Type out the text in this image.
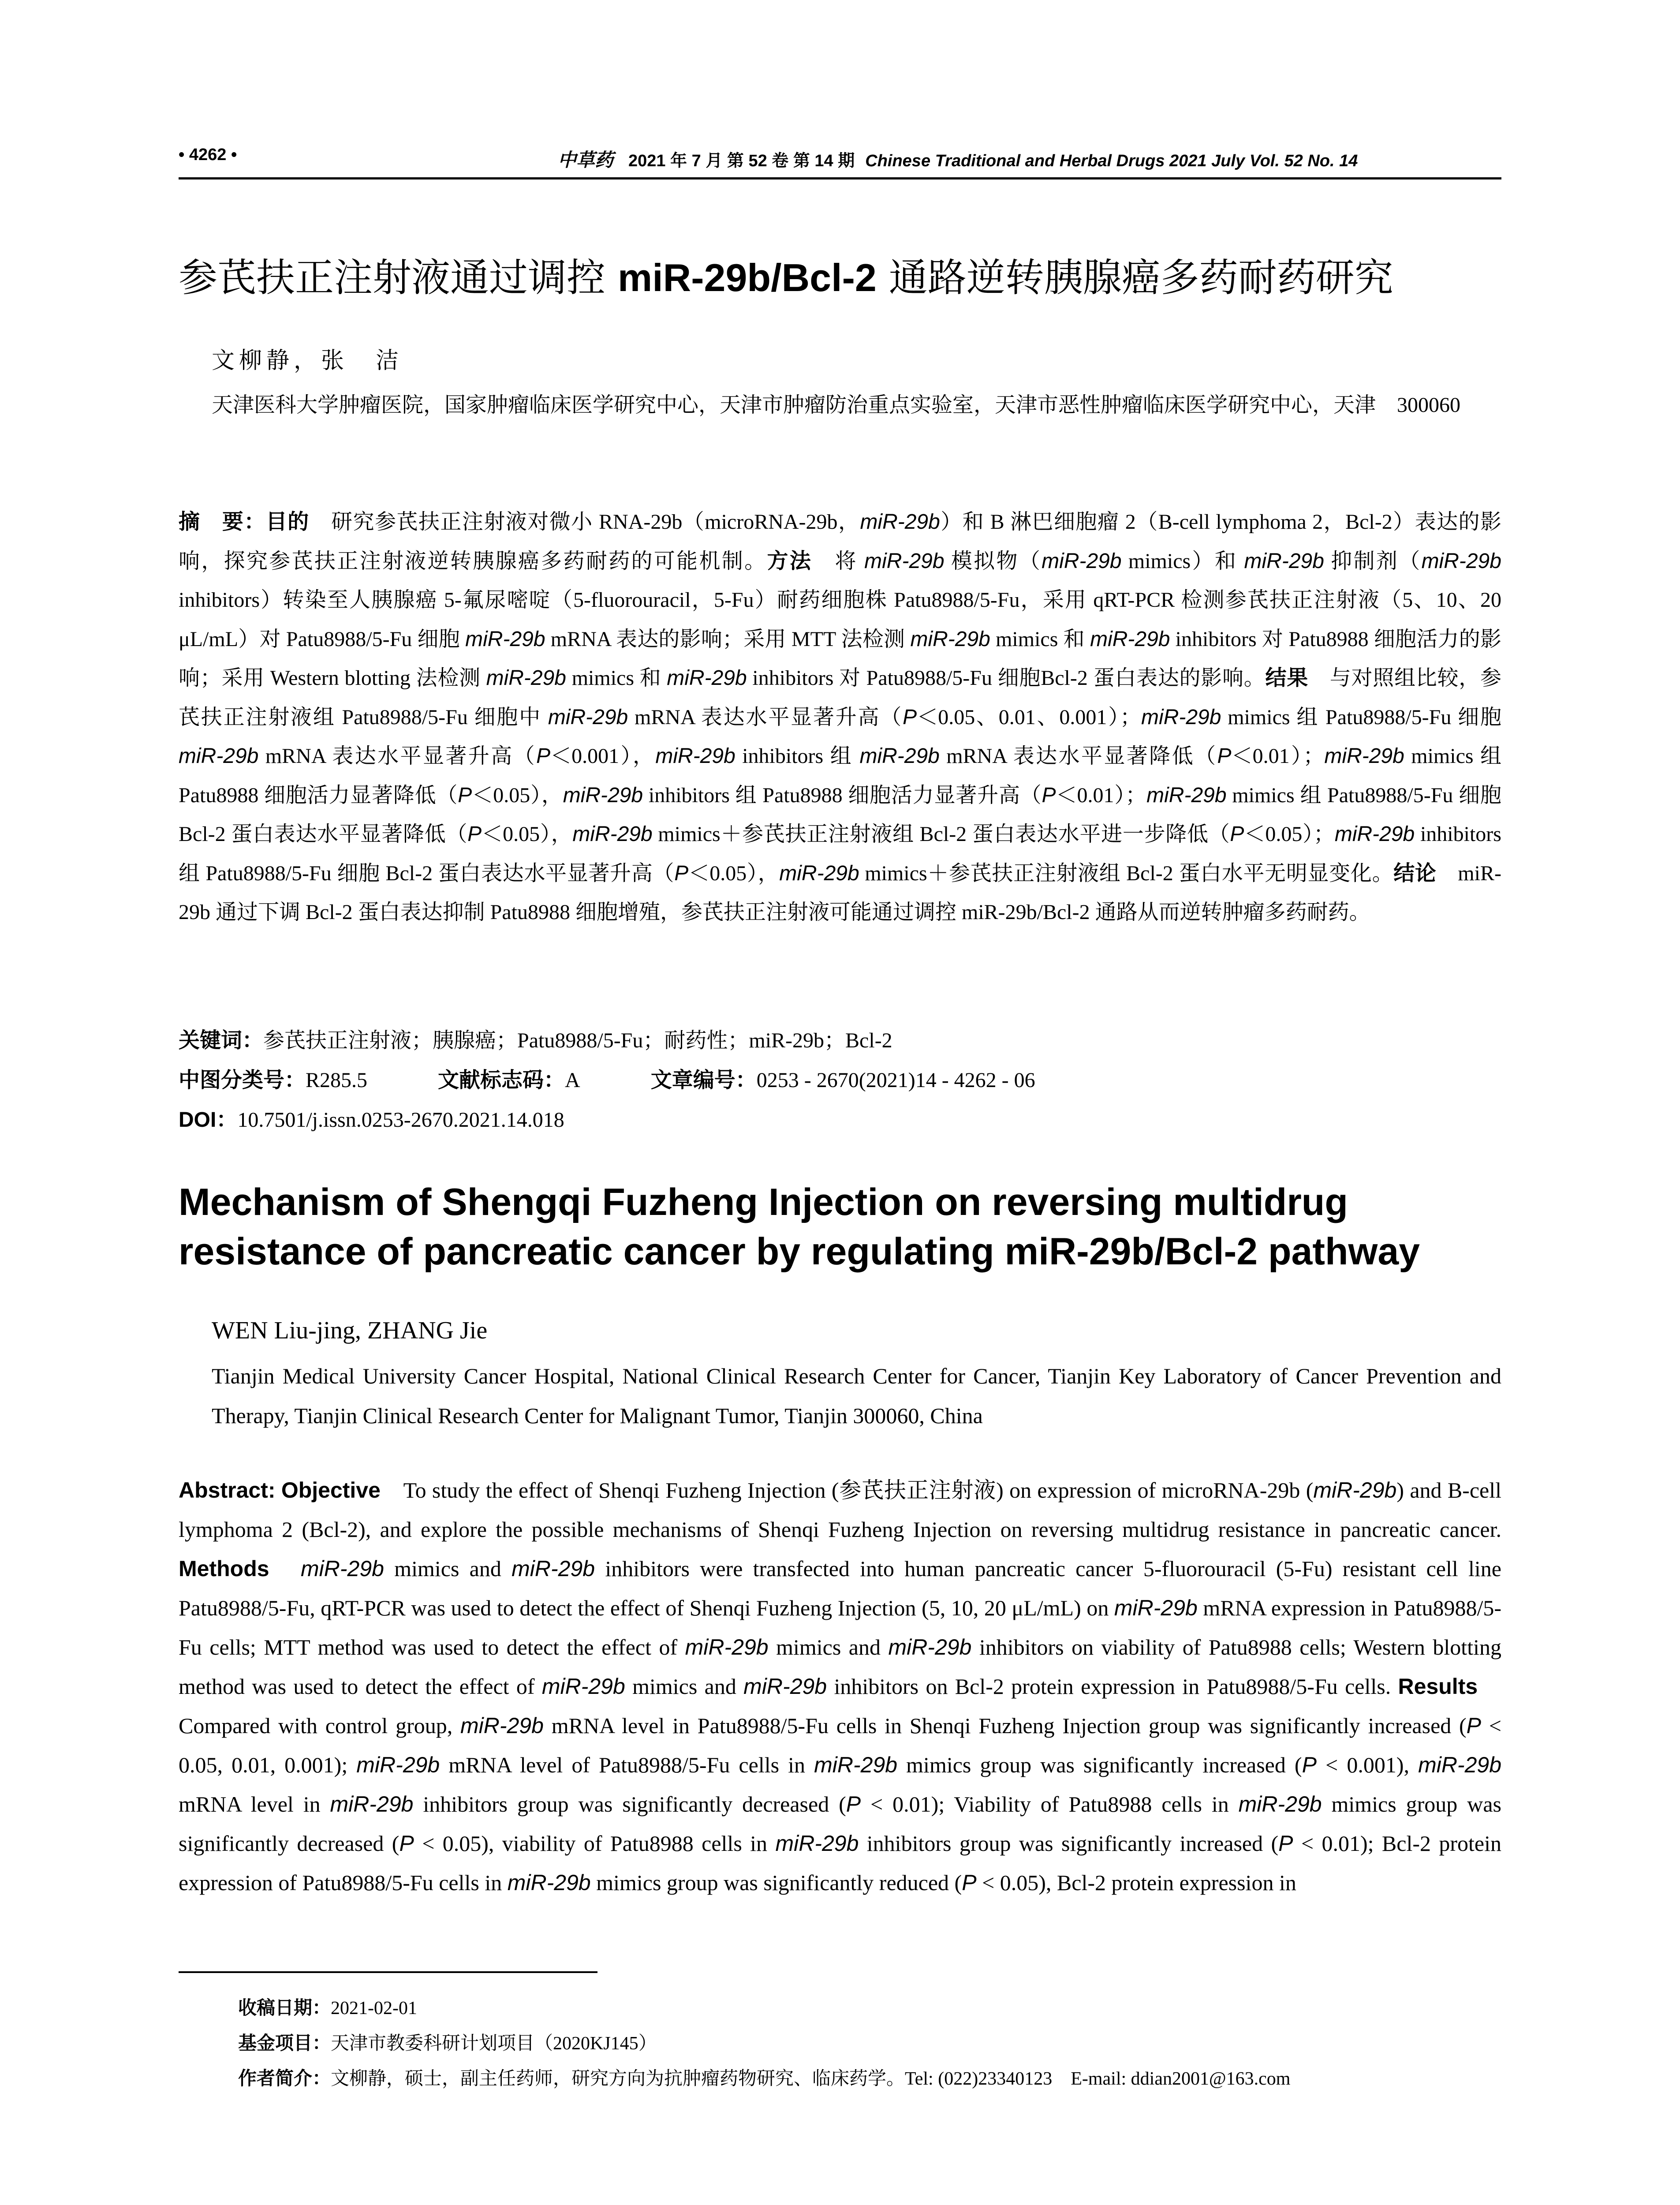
• 4262 •	中草药 2021 年 7 月 第 52 卷 第 14 期 Chinese Traditional and Herbal Drugs 2021 July Vol. 52 No. 14
参芪扶正注射液通过调控 miR-29b/Bcl-2 通路逆转胰腺癌多药耐药研究
文柳静，张　洁
天津医科大学肿瘤医院，国家肿瘤临床医学研究中心，天津市肿瘤防治重点实验室，天津市恶性肿瘤临床医学研究中心，天津　300060
摘　要：目的　研究参芪扶正注射液对微小 RNA-29b（microRNA-29b，miR-29b）和 B 淋巴细胞瘤 2（B-cell lymphoma 2，Bcl-2）表达的影响，探究参芪扶正注射液逆转胰腺癌多药耐药的可能机制。方法　将 miR-29b 模拟物（miR-29b mimics）和 miR-29b 抑制剂（miR-29b inhibitors）转染至人胰腺癌 5-氟尿嘧啶（5-fluorouracil，5-Fu）耐药细胞株 Patu8988/5-Fu，采用 qRT-PCR 检测参芪扶正注射液（5、10、20 μL/mL）对 Patu8988/5-Fu 细胞 miR-29b mRNA 表达的影响；采用 MTT 法检测 miR-29b mimics 和 miR-29b inhibitors 对 Patu8988 细胞活力的影响；采用 Western blotting 法检测 miR-29b mimics 和 miR-29b inhibitors 对 Patu8988/5-Fu 细胞Bcl-2 蛋白表达的影响。结果　与对照组比较，参芪扶正注射液组 Patu8988/5-Fu 细胞中 miR-29b mRNA 表达水平显著升高（P＜0.05、0.01、0.001）；miR-29b mimics 组 Patu8988/5-Fu 细胞 miR-29b mRNA 表达水平显著升高（P＜0.001），miR-29b inhibitors 组 miR-29b mRNA 表达水平显著降低（P＜0.01）；miR-29b mimics 组 Patu8988 细胞活力显著降低（P＜0.05），miR-29b inhibitors 组 Patu8988 细胞活力显著升高（P＜0.01）；miR-29b mimics 组 Patu8988/5-Fu 细胞 Bcl-2 蛋白表达水平显著降低（P＜0.05），miR-29b mimics＋参芪扶正注射液组 Bcl-2 蛋白表达水平进一步降低（P＜0.05）；miR-29b inhibitors 组 Patu8988/5-Fu 细胞 Bcl-2 蛋白表达水平显著升高（P＜0.05），miR-29b mimics＋参芪扶正注射液组 Bcl-2 蛋白水平无明显变化。结论　miR-29b 通过下调 Bcl-2 蛋白表达抑制 Patu8988 细胞增殖，参芪扶正注射液可能通过调控 miR-29b/Bcl-2 通路从而逆转肿瘤多药耐药。
关键词：参芪扶正注射液；胰腺癌；Patu8988/5-Fu；耐药性；miR-29b；Bcl-2
中图分类号：R285.5	文献标志码：A	文章编号：0253 - 2670(2021)14 - 4262 - 06
DOI：10.7501/j.issn.0253-2670.2021.14.018
Mechanism of Shengqi Fuzheng Injection on reversing multidrug resistance of pancreatic cancer by regulating miR-29b/Bcl-2 pathway
WEN Liu-jing, ZHANG Jie
Tianjin Medical University Cancer Hospital, National Clinical Research Center for Cancer, Tianjin Key Laboratory of Cancer Prevention and Therapy, Tianjin Clinical Research Center for Malignant Tumor, Tianjin 300060, China
Abstract: Objective　To study the effect of Shenqi Fuzheng Injection (参芪扶正注射液) on expression of microRNA-29b (miR-29b) and B-cell lymphoma 2 (Bcl-2), and explore the possible mechanisms of Shenqi Fuzheng Injection on reversing multidrug resistance in pancreatic cancer. Methods　 miR-29b mimics and miR-29b inhibitors were transfected into human pancreatic cancer 5-fluorouracil (5-Fu) resistant cell line Patu8988/5-Fu, qRT-PCR was used to detect the effect of Shenqi Fuzheng Injection (5, 10, 20 μL/mL) on miR-29b mRNA expression in Patu8988/5-Fu cells; MTT method was used to detect the effect of miR-29b mimics and miR-29b inhibitors on viability of Patu8988 cells; Western blotting method was used to detect the effect of miR-29b mimics and miR-29b inhibitors on Bcl-2 protein expression in Patu8988/5-Fu cells. Results　Compared with control group, miR-29b mRNA level in Patu8988/5-Fu cells in Shenqi Fuzheng Injection group was significantly increased (P < 0.05, 0.01, 0.001); miR-29b mRNA level of Patu8988/5-Fu cells in miR-29b mimics group was significantly increased (P < 0.001), miR-29b mRNA level in miR-29b inhibitors group was significantly decreased (P < 0.01); Viability of Patu8988 cells in miR-29b mimics group was significantly decreased (P < 0.05), viability of Patu8988 cells in miR-29b inhibitors group was significantly increased (P < 0.01); Bcl-2 protein expression of Patu8988/5-Fu cells in miR-29b mimics group was significantly reduced (P < 0.05), Bcl-2 protein expression in
收稿日期：2021-02-01
基金项目：天津市教委科研计划项目（2020KJ145）
作者简介：文柳静，硕士，副主任药师，研究方向为抗肿瘤药物研究、临床药学。Tel: (022)23340123　E-mail: ddian2001@163.com
